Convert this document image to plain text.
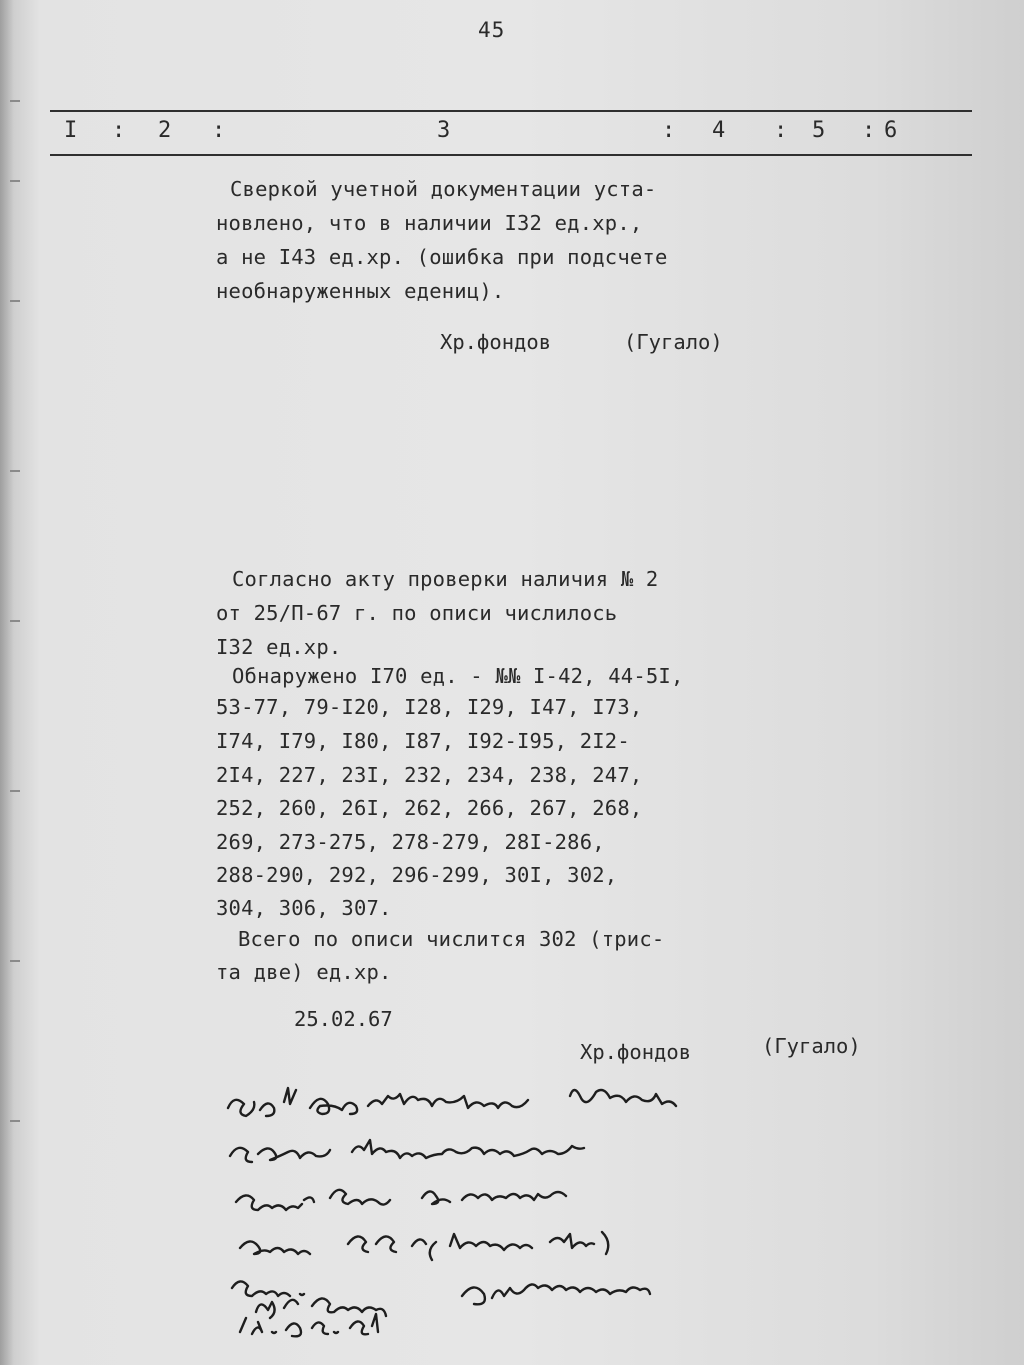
45
I : 2 :	3	: 4 : 5 : 6
Сверкой учетной документации уста-
новлено, что в наличии I32 ед.хр.,
а не I43 ед.хр. (ошибка при подсчете
необнаруженных едениц).
Хр.фондов	(Гугало)
Согласно акту проверки наличия № 2
от 25/П-67 г. по описи числилось
I32 ед.хр.
Обнаружено I70 ед. - №№ I-42, 44-5I,
53-77, 79-I20, I28, I29, I47, I73,
I74, I79, I80, I87, I92-I95, 2I2-
2I4, 227, 23I, 232, 234, 238, 247,
252, 260, 26I, 262, 266, 267, 268,
269, 273-275, 278-279, 28I-286,
288-290, 292, 296-299, 30I, 302,
304, 306, 307.
Всего по описи числится 302 (трис-
та две) ед.хр.
25.02.67
Хр.фондов	(Гугало)
